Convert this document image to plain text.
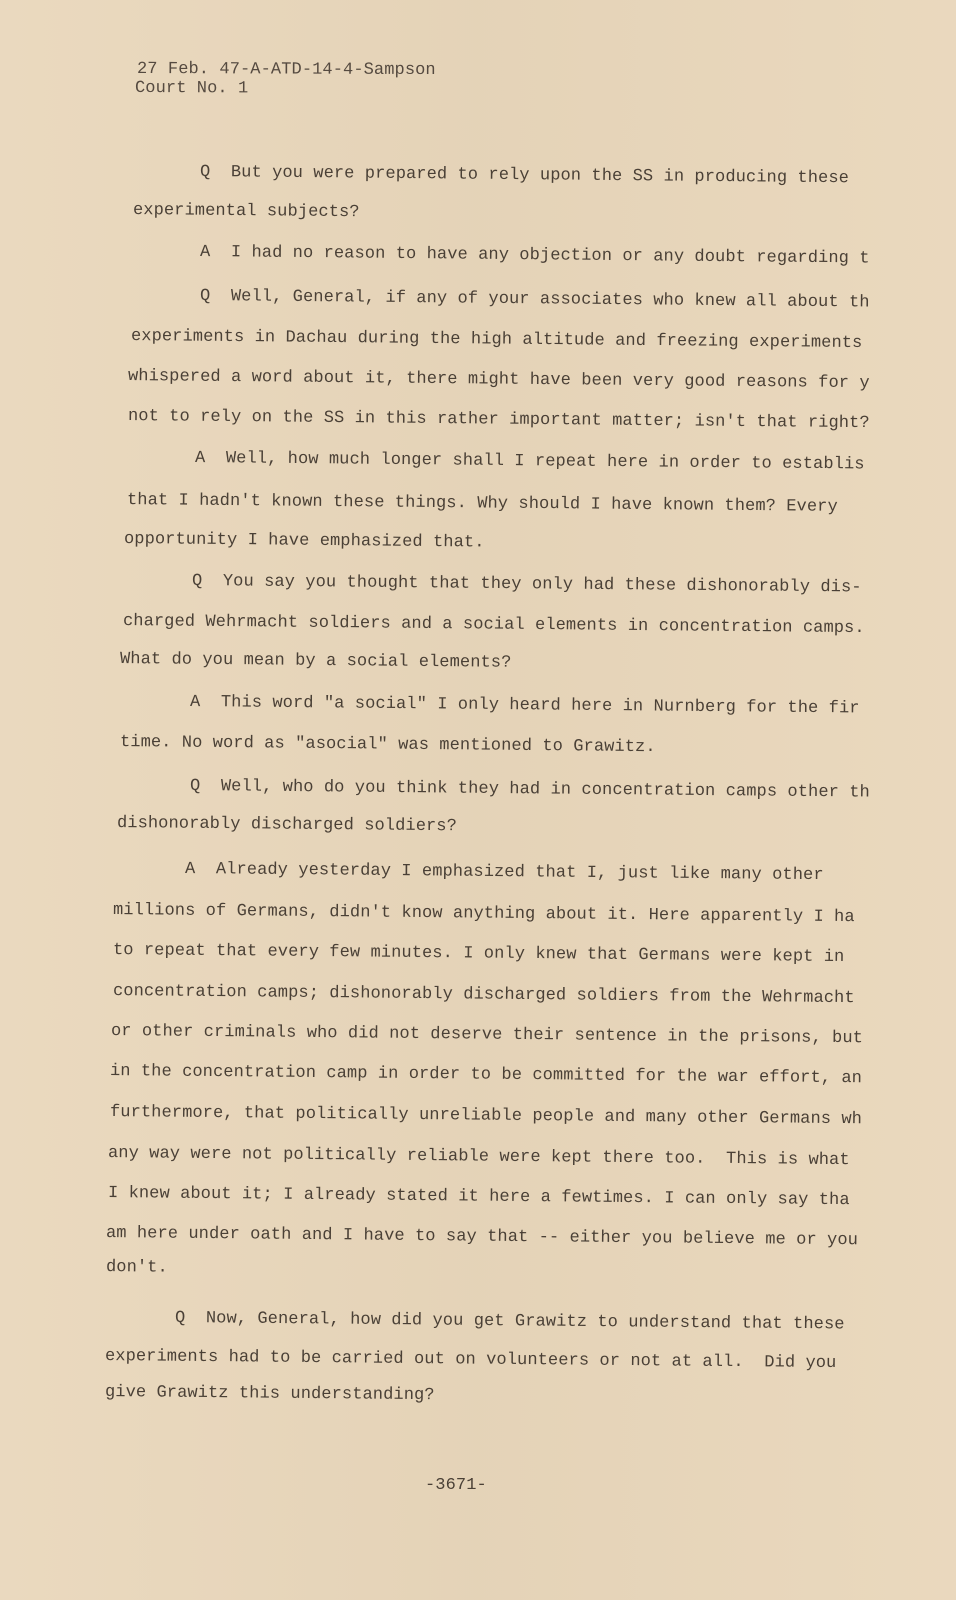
27 Feb. 47-A-ATD-14-4-Sampson
Court No. 1
Q  But you were prepared to rely upon the SS in producing these
experimental subjects?
A  I had no reason to have any objection or any doubt regarding t
Q  Well, General, if any of your associates who knew all about th
experiments in Dachau during the high altitude and freezing experiments
whispered a word about it, there might have been very good reasons for y
not to rely on the SS in this rather important matter; isn't that right?
A  Well, how much longer shall I repeat here in order to establis
that I hadn't known these things. Why should I have known them? Every
opportunity I have emphasized that.
Q  You say you thought that they only had these dishonorably dis-
charged Wehrmacht soldiers and a social elements in concentration camps.
What do you mean by a social elements?
A  This word "a social" I only heard here in Nurnberg for the fir
time. No word as "asocial" was mentioned to Grawitz.
Q  Well, who do you think they had in concentration camps other th
dishonorably discharged soldiers?
A  Already yesterday I emphasized that I, just like many other
millions of Germans, didn't know anything about it. Here apparently I ha
to repeat that every few minutes. I only knew that Germans were kept in
concentration camps; dishonorably discharged soldiers from the Wehrmacht
or other criminals who did not deserve their sentence in the prisons, but
in the concentration camp in order to be committed for the war effort, an
furthermore, that politically unreliable people and many other Germans wh
any way were not politically reliable were kept there too.  This is what
I knew about it; I already stated it here a fewtimes. I can only say tha
am here under oath and I have to say that -- either you believe me or you
don't.
Q  Now, General, how did you get Grawitz to understand that these
experiments had to be carried out on volunteers or not at all.  Did you
give Grawitz this understanding?
-3671-
